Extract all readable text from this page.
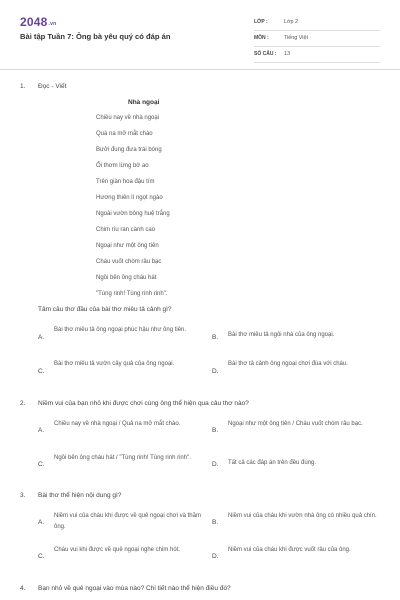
2048.vn
Bài tập Tuần 7: Ông bà yêu quý có đáp án
LỚP :	Lớp 2
MÔN :	Tiếng Việt
SỐ CÂU : 13
1. Đọc - Viết
Nhà ngoại
Chiều nay về nhà ngoại
Quá na mở mắt chào
Bưởi đung đưa trái bóng
Ổi thơm lừng bờ ao
Trên giàn hoa đậu tím
Hương thiên lí ngọt ngào
Ngoài vườn bông huệ trắng
Chim ríu ran cành cao
Ngoại như một ông tiên
Cháu vuốt chòm râu bạc
Ngồi bên ông cháu hát
"Tùng rinh! Tùng rinh rinh".
Tâm câu thơ đầu của bài thơ miêu tả cảnh gì?
A.
Bài thơ miêu tả ông ngoại phúc hậu như ông tiên.
B. Bài thơ miêu tả ngôi nhà của ông ngoại.
C.
Bài thơ miêu tả vườn cây quả của ông ngoại.
D.
Bài thơ tả cảnh ông ngoại chơi đùa với cháu.
2. Niềm vui của bạn nhỏ khi được chơi cùng ông thể hiện qua câu thơ nào?
A.
Chiều nay về nhà ngoại / Quả na mở mắt chào.
B.
Ngoại như một ông tiên / Cháu vuốt chòm râu bạc.
C.
Ngồi bên ông cháu hát / "Tùng rinh! Tùng rinh rinh".
D. Tất cả các đáp án trên đều đúng.
3. Bài thơ thể hiện nội dung gì?
A.
Niềm vui của cháu khi được về quê ngoại chơi và thăm ông.
B.
Niềm vui của cháu khi vườn nhà ông có nhiều quả chín.
C.
Cháu vui khi được về quê ngoại nghe chim hót.
D.
Niềm vui của cháu khi được vuốt râu của ông.
4. Bạn nhỏ về quê ngoại vào mùa nào? Chi tiết nào thể hiện điều đó?
